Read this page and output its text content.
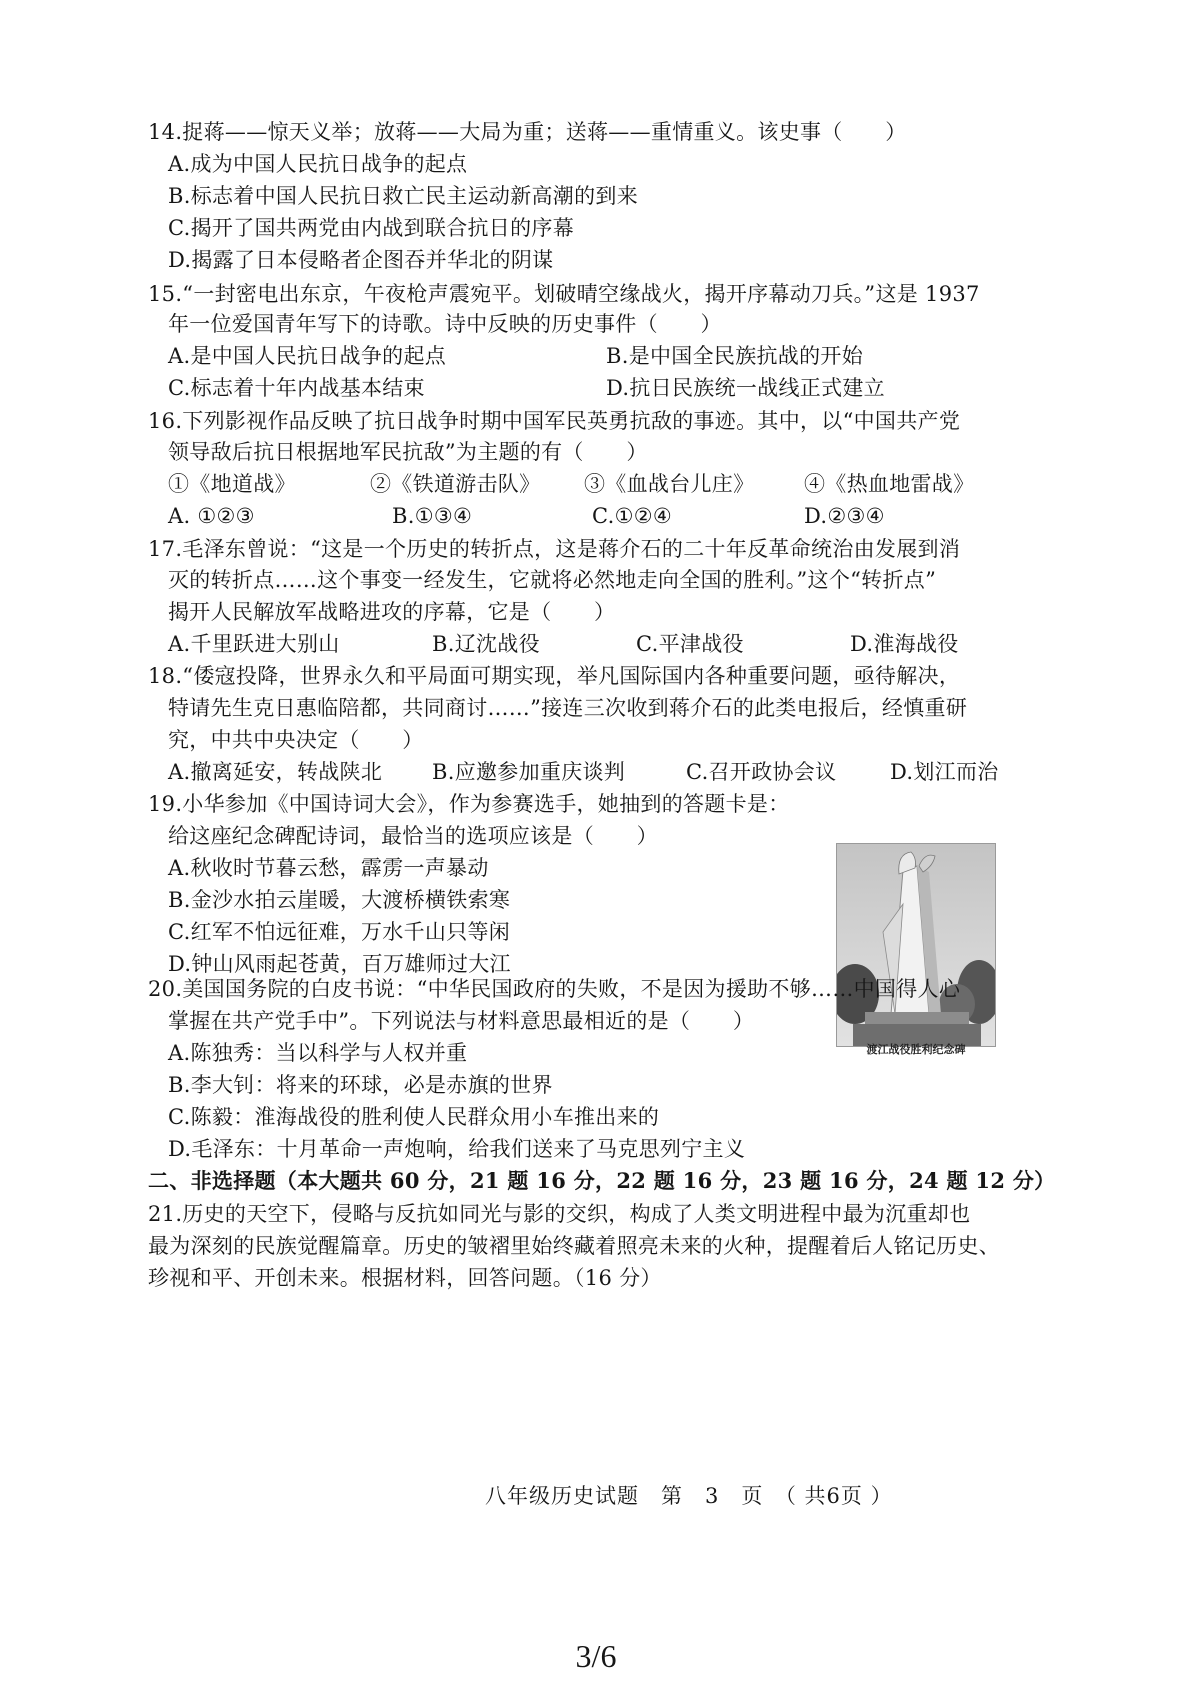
14.捉蒋——惊天义举；放蒋——大局为重；送蒋——重情重义。该史事（　　）
A.成为中国人民抗日战争的起点
B.标志着中国人民抗日救亡民主运动新高潮的到来
C.揭开了国共两党由内战到联合抗日的序幕
D.揭露了日本侵略者企图吞并华北的阴谋
15.“一封密电出东京，午夜枪声震宛平。划破晴空缘战火，揭开序幕动刀兵。”这是 1937
年一位爱国青年写下的诗歌。诗中反映的历史事件（　　）
A.是中国人民抗日战争的起点	B.是中国全民族抗战的开始
C.标志着十年内战基本结束	D.抗日民族统一战线正式建立
16.下列影视作品反映了抗日战争时期中国军民英勇抗敌的事迹。其中，以“中国共产党
领导敌后抗日根据地军民抗敌”为主题的有（　　）
①《地道战》	②《铁道游击队》 ③《血战台儿庄》 ④《热血地雷战》
A. ①②③	B.①③④	C.①②④	D.②③④
17.毛泽东曾说：“这是一个历史的转折点，这是蒋介石的二十年反革命统治由发展到消
灭的转折点……这个事变一经发生，它就将必然地走向全国的胜利。”这个“转折点”
揭开人民解放军战略进攻的序幕，它是（　　）
A.千里跃进大别山	B.辽沈战役	C.平津战役	D.淮海战役
18.“倭寇投降，世界永久和平局面可期实现，举凡国际国内各种重要问题，亟待解决，
特请先生克日惠临陪都，共同商讨……”接连三次收到蒋介石的此类电报后，经慎重研
究，中共中央决定（　　）
A.撤离延安，转战陕北 B.应邀参加重庆谈判	C.召开政协会议	D.划江而治
19.小华参加《中国诗词大会》，作为参赛选手，她抽到的答题卡是：
给这座纪念碑配诗词，最恰当的选项应该是（　　）
A.秋收时节暮云愁，霹雳一声暴动
B.金沙水拍云崖暖，大渡桥横铁索寒
C.红军不怕远征难，万水千山只等闲
D.钟山风雨起苍黄，百万雄师过大江
渡江战役胜利纪念碑
20.美国国务院的白皮书说：“中华民国政府的失败，不是因为援助不够……中国得人心
掌握在共产党手中”。下列说法与材料意思最相近的是（　　）
A.陈独秀：当以科学与人权并重
B.李大钊：将来的环球，必是赤旗的世界
C.陈毅：淮海战役的胜利使人民群众用小车推出来的
D.毛泽东：十月革命一声炮响，给我们送来了马克思列宁主义
二、非选择题（本大题共 60 分，21 题 16 分，22 题 16 分，23 题 16 分，24 题 12 分）
21.历史的天空下，侵略与反抗如同光与影的交织，构成了人类文明进程中最为沉重却也
最为深刻的民族觉醒篇章。历史的皱褶里始终藏着照亮未来的火种，提醒着后人铭记历史、
珍视和平、开创未来。根据材料，回答问题。（16 分）
八年级历史试题　第　3　页　（ 共6页 ）
3/6
